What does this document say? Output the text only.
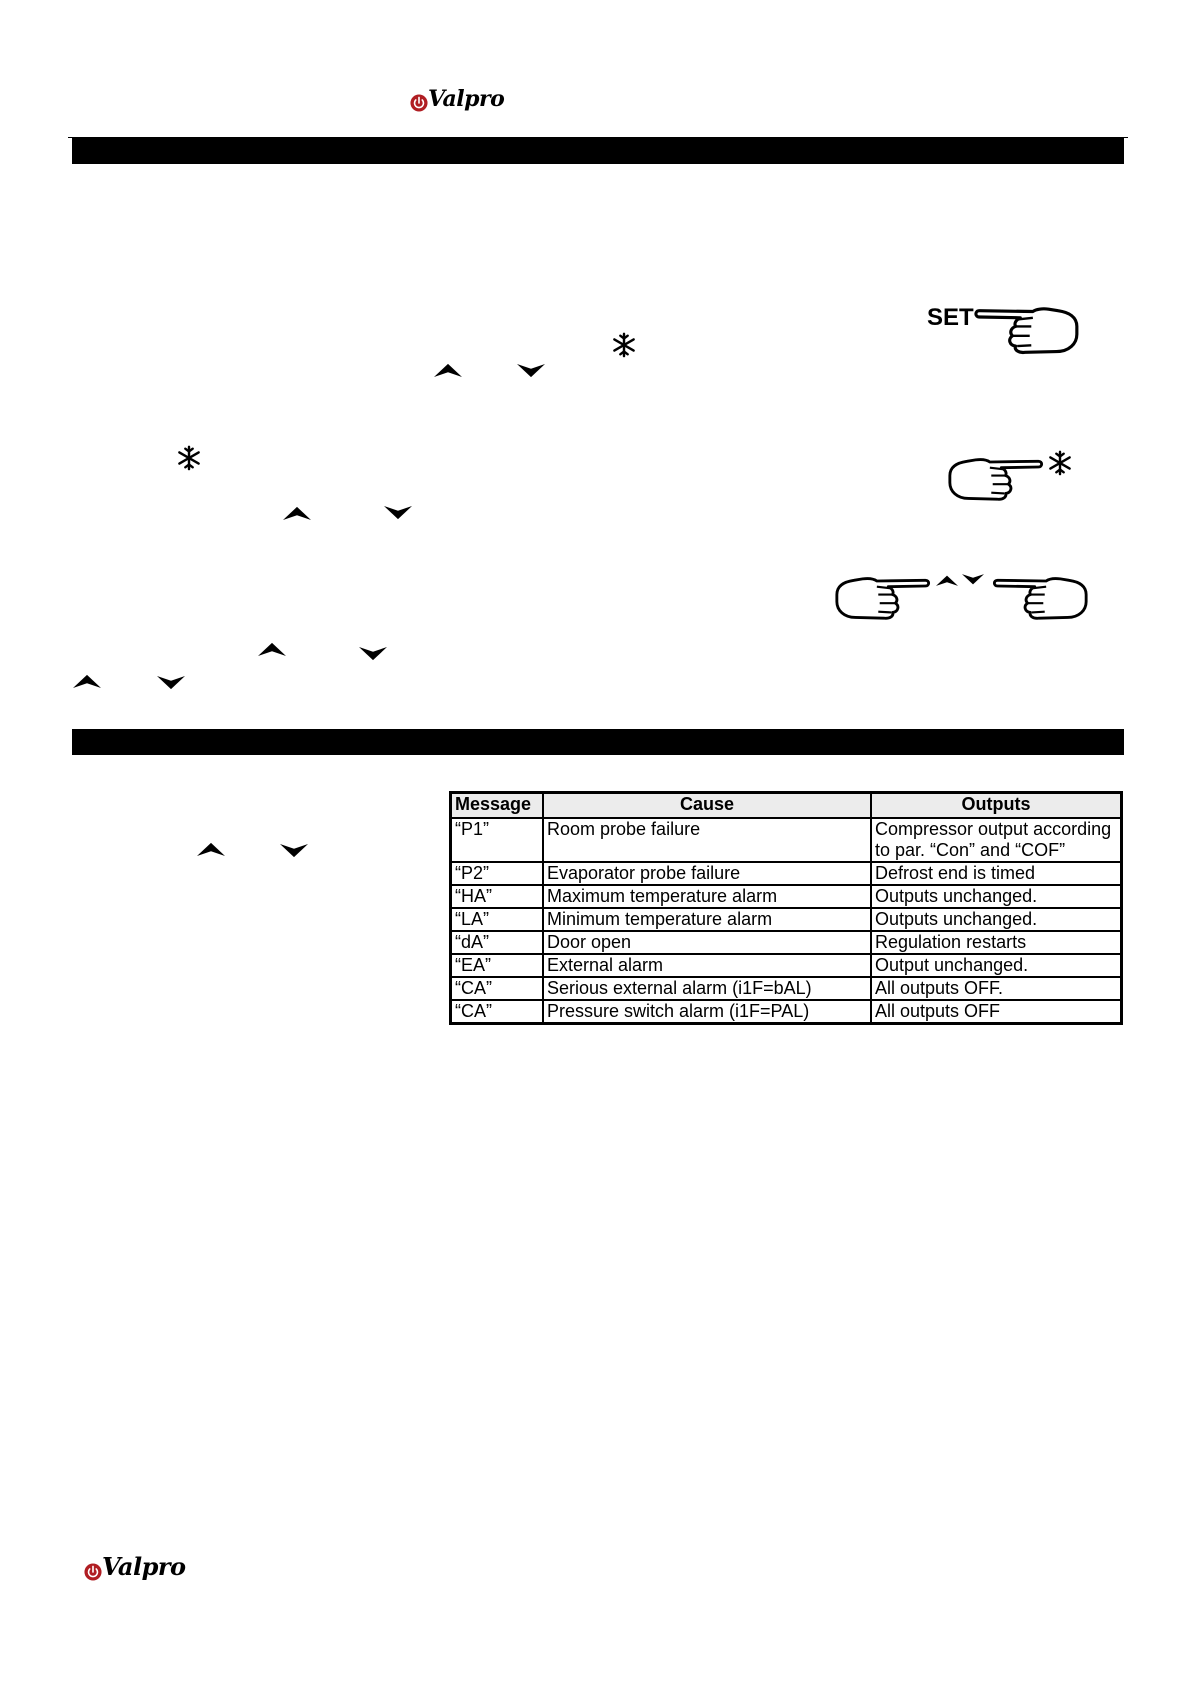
Valpro
SET
Message	Cause	Outputs
“P1”	Room probe failure	Compressor output according to par. “Con” and “COF”
“P2”	Evaporator probe failure	Defrost end is timed
“HA”	Maximum temperature alarm	Outputs unchanged.
“LA”	Minimum temperature alarm	Outputs unchanged.
“dA”	Door open	Regulation restarts
“EA”	External alarm	Output unchanged.
“CA”	Serious external alarm (i1F=bAL)	All outputs OFF.
“CA”	Pressure switch alarm (i1F=PAL)	All outputs OFF
Valpro
